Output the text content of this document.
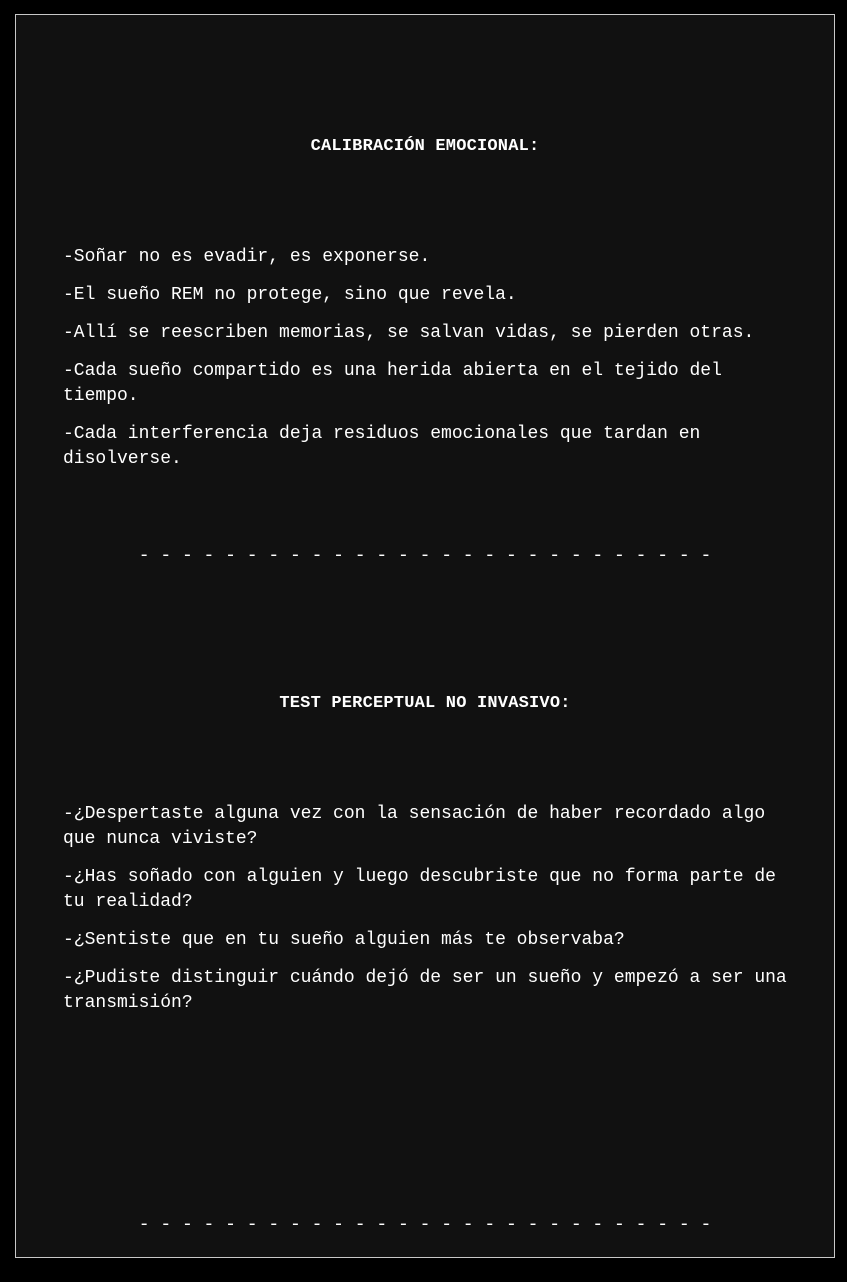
CALIBRACIÓN EMOCIONAL:
-Soñar no es evadir, es exponerse.
-El sueño REM no protege, sino que revela.
-Allí se reescriben memorias, se salvan vidas, se pierden otras.
-Cada sueño compartido es una herida abierta en el tejido del tiempo.
-Cada interferencia deja residuos emocionales que tardan en disolverse.
- - - - - - - - - - - - - - - - - - - - - - - - - - -
TEST PERCEPTUAL NO INVASIVO:
-¿Despertaste alguna vez con la sensación de haber recordado algo que nunca viviste?
-¿Has soñado con alguien y luego descubriste que no forma parte de tu realidad?
-¿Sentiste que en tu sueño alguien más te observaba?
-¿Pudiste distinguir cuándo dejó de ser un sueño y empezó a ser una transmisión?
- - - - - - - - - - - - - - - - - - - - - - - - - - -
